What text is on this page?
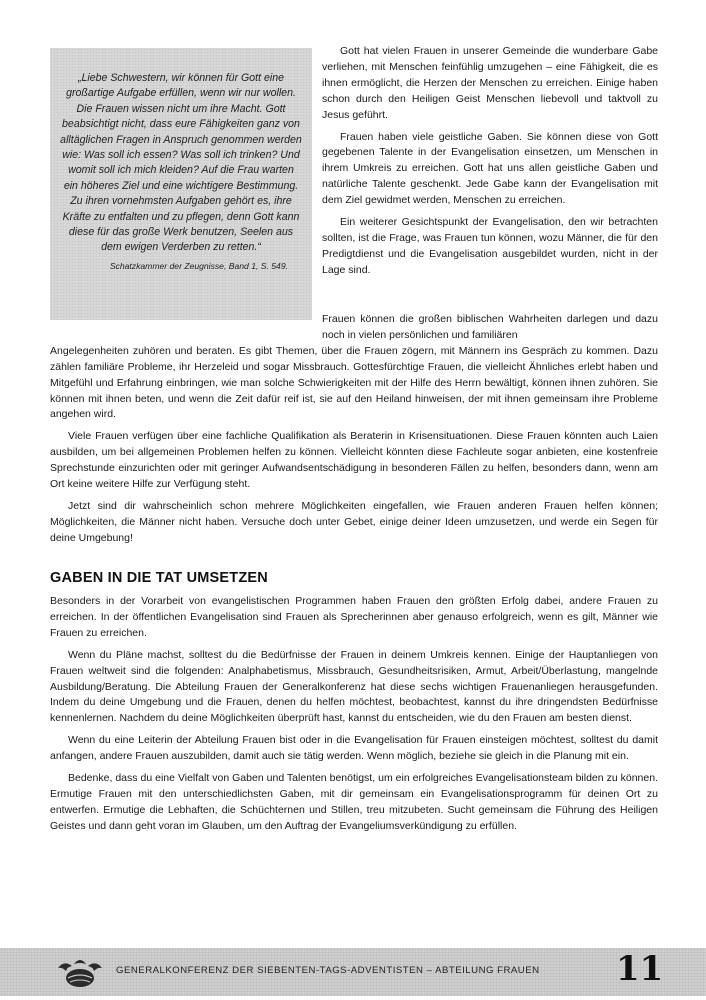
„Liebe Schwestern, wir können für Gott eine großartige Aufgabe erfüllen, wenn wir nur wollen. Die Frauen wissen nicht um ihre Macht. Gott beabsichtigt nicht, dass eure Fähigkeiten ganz von alltäglichen Fragen in Anspruch genommen werden wie: Was soll ich essen? Was soll ich trinken? Und womit soll ich mich kleiden? Auf die Frau warten ein höheres Ziel und eine wichtigere Bestimmung. Zu ihren vornehmsten Aufgaben gehört es, ihre Kräfte zu entfalten und zu pflegen, denn Gott kann diese für das große Werk benutzen, Seelen aus dem ewigen Verderben zu retten.“

Schatzkammer der Zeugnisse, Band 1, S. 549.

Gott hat vielen Frauen in unserer Gemeinde die wunderbare Gabe verliehen, mit Menschen feinfühlig umzugehen – eine Fähigkeit, die es ihnen ermöglicht, die Herzen der Menschen zu erreichen. Einige haben schon durch den Heiligen Geist Menschen liebevoll und taktvoll zu Jesus geführt.

Frauen haben viele geistliche Gaben. Sie können diese von Gott gegebenen Talente in der Evangelisation einsetzen, um Menschen in ihrem Umkreis zu erreichen. Gott hat uns allen geistliche Gaben und natürliche Talente geschenkt. Jede Gabe kann der Evangelisation mit dem Ziel gewidmet werden, Menschen zu erreichen.

Ein weiterer Gesichtspunkt der Evangelisation, den wir betrachten sollten, ist die Frage, was Frauen tun können, wozu Männer, die für den Predigtdienst und die Evangelisation ausgebildet wurden, nicht in der Lage sind.

Frauen können die großen biblischen Wahrheiten darlegen und dazu noch in vielen persönlichen und familiären

Angelegenheiten zuhören und beraten. Es gibt Themen, über die Frauen zögern, mit Männern ins Gespräch zu kommen. Dazu zählen familiäre Probleme, ihr Herzeleid und sogar Missbrauch. Gottesfürchtige Frauen, die vielleicht Ähnliches erlebt haben und Mitgefühl und Erfahrung einbringen, wie man solche Schwierigkeiten mit der Hilfe des Herrn bewältigt, können ihnen zuhören. Sie können mit ihnen beten, und wenn die Zeit dafür reif ist, sie auf den Heiland hinweisen, der mit ihnen gemeinsam ihre Probleme angehen wird.

Viele Frauen verfügen über eine fachliche Qualifikation als Beraterin in Krisensituationen. Diese Frauen könnten auch Laien ausbilden, um bei allgemeinen Problemen helfen zu können. Vielleicht könnten diese Fachleute sogar anbieten, eine kostenfreie Sprechstunde einzurichten oder mit geringer Aufwandsentschädigung in besonderen Fällen zu helfen, besonders dann, wenn am Ort keine weitere Hilfe zur Verfügung steht.

Jetzt sind dir wahrscheinlich schon mehrere Möglichkeiten eingefallen, wie Frauen anderen Frauen helfen können; Möglichkeiten, die Männer nicht haben. Versuche doch unter Gebet, einige deiner Ideen umzusetzen, und werde ein Segen für deine Umgebung!

GABEN IN DIE TAT UMSETZEN

Besonders in der Vorarbeit von evangelistischen Programmen haben Frauen den größten Erfolg dabei, andere Frauen zu erreichen. In der öffentlichen Evangelisation sind Frauen als Sprecherinnen aber genauso erfolgreich, wenn es gilt, Männer wie Frauen zu erreichen.

Wenn du Pläne machst, solltest du die Bedürfnisse der Frauen in deinem Umkreis kennen. Einige der Hauptanliegen von Frauen weltweit sind die folgenden: Analphabetismus, Missbrauch, Gesundheitsrisiken, Armut, Arbeit/Überlastung, mangelnde Ausbildung/Beratung. Die Abteilung Frauen der Generalkonferenz hat diese sechs wichtigen Frauenanliegen herausgefunden. Indem du deine Umgebung und die Frauen, denen du helfen möchtest, beobachtest, kannst du ihre dringendsten Bedürfnisse kennenlernen. Nachdem du deine Möglichkeiten überprüft hast, kannst du entscheiden, wie du den Frauen am besten dienst.

Wenn du eine Leiterin der Abteilung Frauen bist oder in die Evangelisation für Frauen einsteigen möchtest, solltest du damit anfangen, andere Frauen auszubilden, damit auch sie tätig werden. Wenn möglich, beziehe sie gleich in die Planung mit ein.

Bedenke, dass du eine Vielfalt von Gaben und Talenten benötigst, um ein erfolgreiches Evangelisationsteam bilden zu können. Ermutige Frauen mit den unterschiedlichsten Gaben, mit dir gemeinsam ein Evangelisationsprogramm für deinen Ort zu entwerfen. Ermutige die Lebhaften, die Schüchternen und Stillen, treu mitzubeten. Sucht gemeinsam die Führung des Heiligen Geistes und dann geht voran im Glauben, um den Auftrag der Evangeliumsverkündigung zu erfüllen.

GENERALKONFERENZ DER SIEBENTEN-TAGS-ADVENTISTEN – ABTEILUNG FRAUEN 11
